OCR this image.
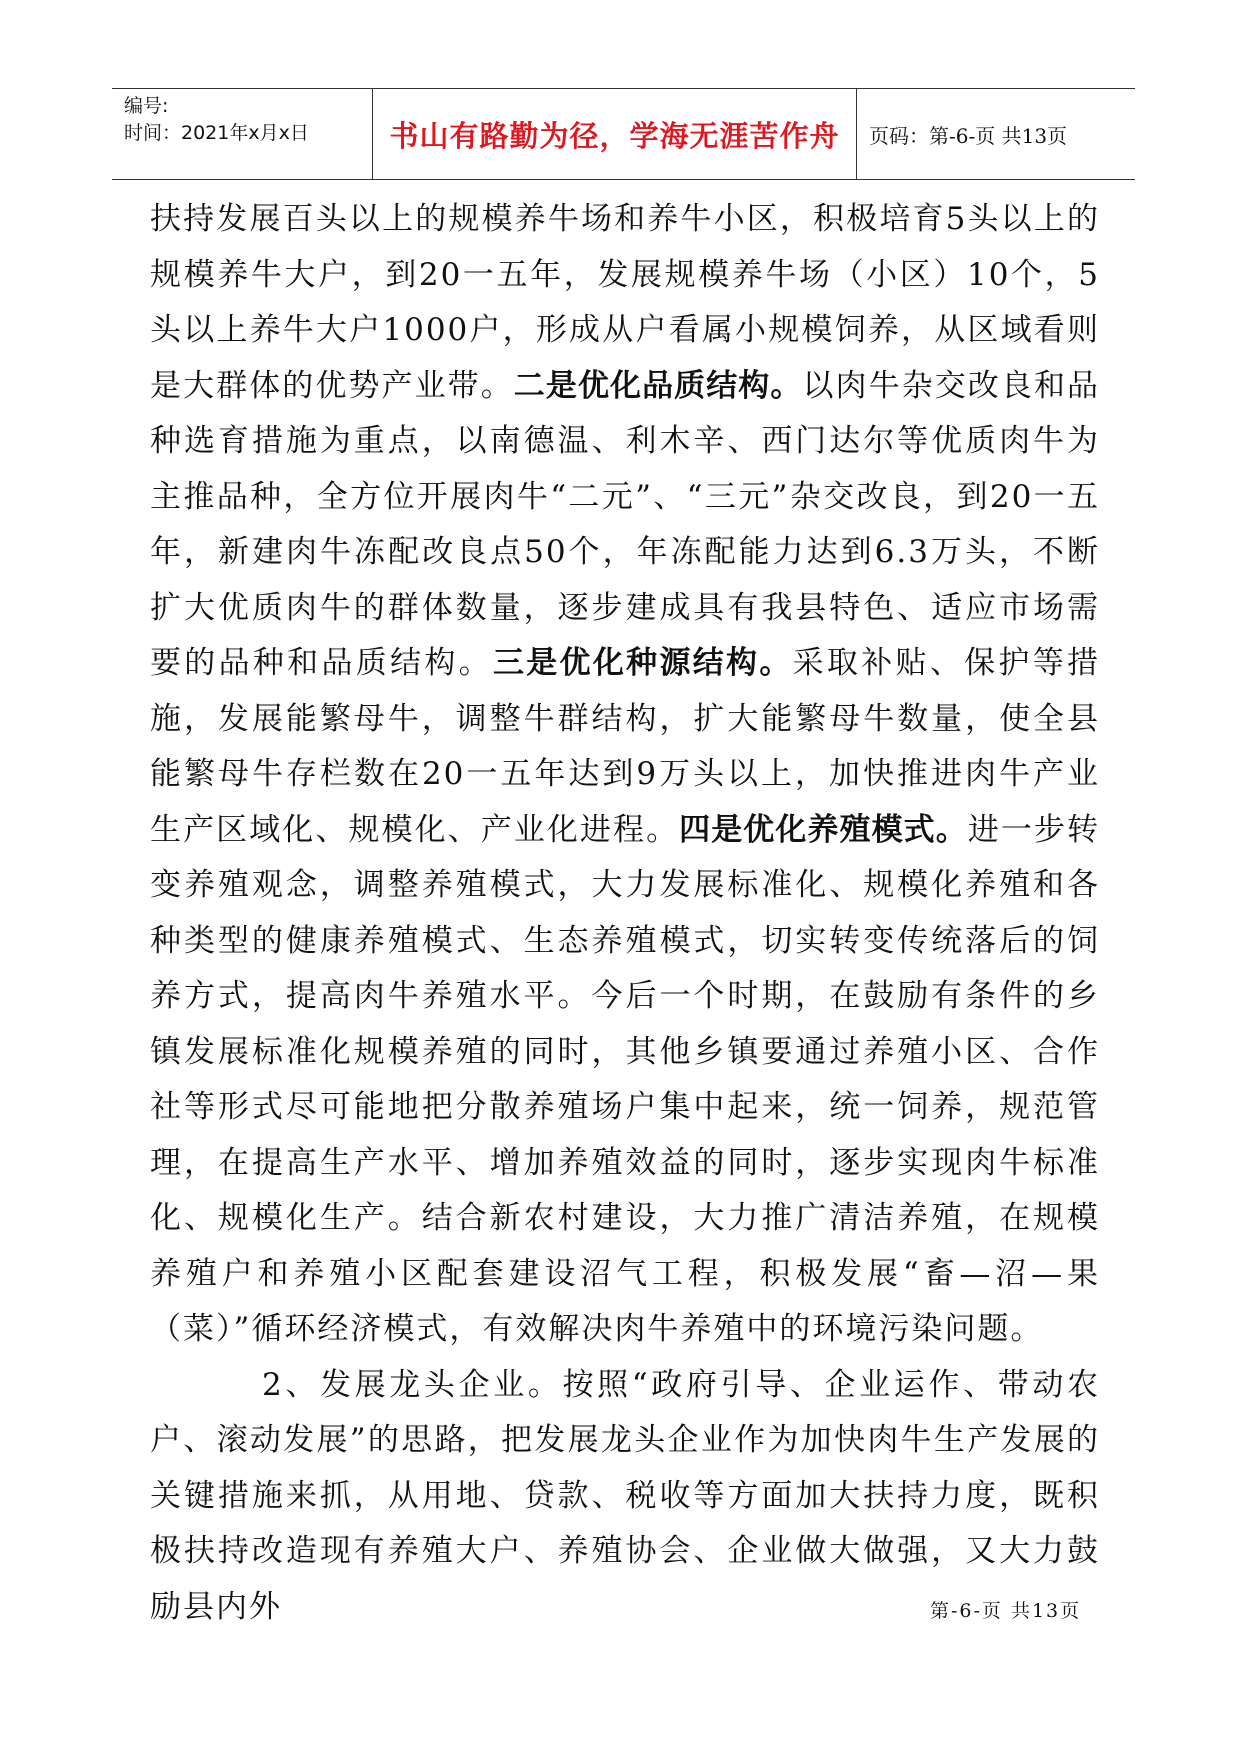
编号:
时间：2021年x月x日	书山有路勤为径，学海无涯苦作舟	页码：第-6-页 共13页

扶持发展百头以上的规模养牛场和养牛小区，积极培育5头以上的规模养牛大户，到20一五年，发展规模养牛场（小区）10个，5头以上养牛大户1000户，形成从户看属小规模饲养，从区域看则是大群体的优势产业带。二是优化品质结构。以肉牛杂交改良和品种选育措施为重点，以南德温、利木辛、西门达尔等优质肉牛为主推品种，全方位开展肉牛“二元”、“三元”杂交改良，到20一五年，新建肉牛冻配改良点50个，年冻配能力达到6.3万头，不断扩大优质肉牛的群体数量，逐步建成具有我县特色、适应市场需要的品种和品质结构。三是优化种源结构。采取补贴、保护等措施，发展能繁母牛，调整牛群结构，扩大能繁母牛数量，使全县能繁母牛存栏数在20一五年达到9万头以上，加快推进肉牛产业生产区域化、规模化、产业化进程。四是优化养殖模式。进一步转变养殖观念，调整养殖模式，大力发展标准化、规模化养殖和各种类型的健康养殖模式、生态养殖模式，切实转变传统落后的饲养方式，提高肉牛养殖水平。今后一个时期，在鼓励有条件的乡镇发展标准化规模养殖的同时，其他乡镇要通过养殖小区、合作社等形式尽可能地把分散养殖场户集中起来，统一饲养，规范管理，在提高生产水平、增加养殖效益的同时，逐步实现肉牛标准化、规模化生产。结合新农村建设，大力推广清洁养殖，在规模养殖户和养殖小区配套建设沼气工程，积极发展“畜—沼—果（菜）”循环经济模式，有效解决肉牛养殖中的环境污染问题。

2、发展龙头企业。按照“政府引导、企业运作、带动农户、滚动发展”的思路，把发展龙头企业作为加快肉牛生产发展的关键措施来抓，从用地、贷款、税收等方面加大扶持力度，既积极扶持改造现有养殖大户、养殖协会、企业做大做强，又大力鼓励县内外	第-6-页 共13页
